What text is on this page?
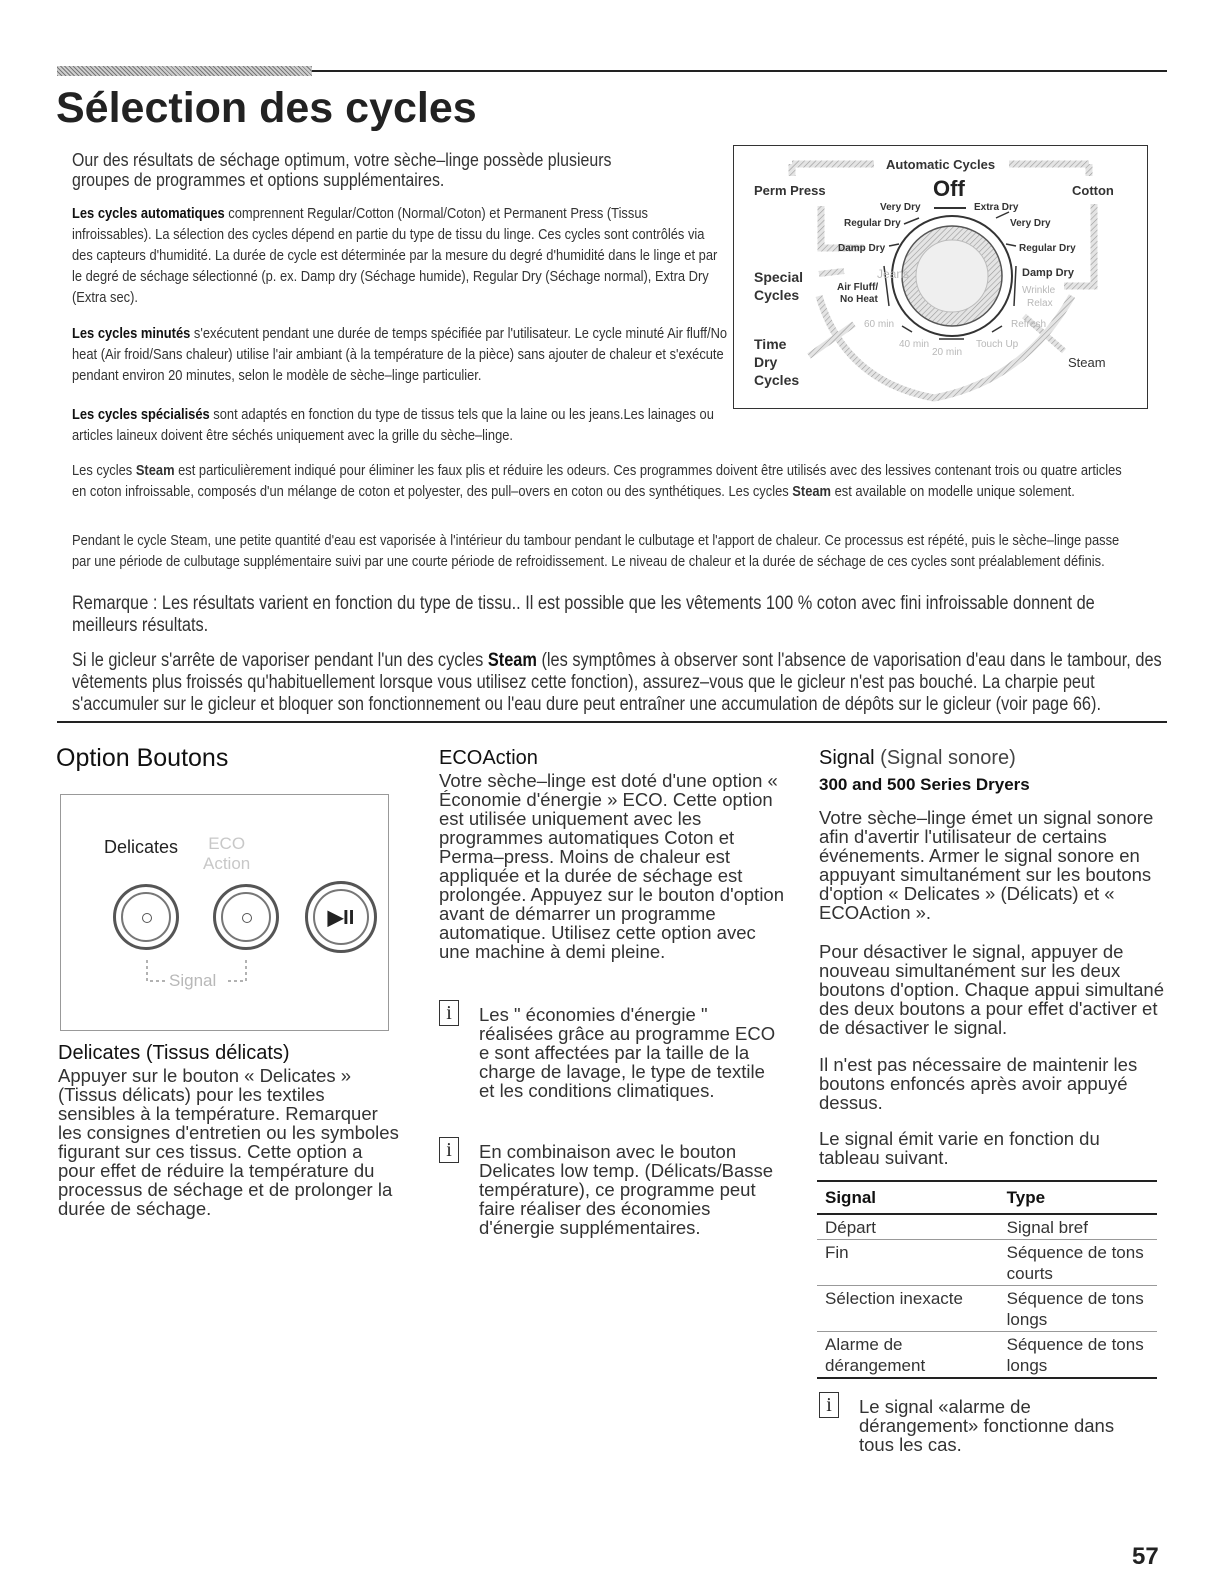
Sélection des cycles

Our des résultats de séchage optimum, votre sèche–linge possède plusieurs groupes de programmes et options supplémentaires.

Les cycles automatiques comprennent Regular/Cotton (Normal/Coton) et Permanent Press (Tissus infroissables). La sélection des cycles dépend en partie du type de tissu du linge. Ces cycles sont contrôlés via des capteurs d'humidité. La durée de cycle est déterminée par la mesure du degré d'humidité dans le linge et par le degré de séchage sélectionné (p. ex. Damp dry (Séchage humide), Regular Dry (Séchage normal), Extra Dry (Extra sec).

Les cycles minutés s'exécutent pendant une durée de temps spécifiée par l'utilisateur. Le cycle minuté Air fluff/No heat (Air froid/Sans chaleur) utilise l'air ambiant (à la température de la pièce) sans ajouter de chaleur et s'exécute pendant environ 20 minutes, selon le modèle de sèche–linge particulier.

Les cycles spécialisés sont adaptés en fonction du type de tissus tels que la laine ou les jeans.Les lainages ou articles laineux doivent être séchés uniquement avec la grille du sèche–linge.

Les cycles Steam est particulièrement indiqué pour éliminer les faux plis et réduire les odeurs. Ces programmes doivent être utilisés avec des lessives contenant trois ou quatre articles en coton infroissable, composés d'un mélange de coton et polyester, des pull–overs en coton ou des synthétiques. Les cycles Steam est available on modelle unique solement.

Pendant le cycle Steam, une petite quantité d'eau est vaporisée à l'intérieur du tambour pendant le culbutage et l'apport de chaleur. Ce processus est répété, puis le sèche–linge passe par une période de culbutage supplémentaire suivi par une courte période de refroidissement. Le niveau de chaleur et la durée de séchage de ces cycles sont préalablement définis.

Remarque : Les résultats varient en fonction du type de tissu.. Il est possible que les vêtements 100 % coton avec fini infroissable donnent de meilleurs résultats.

Si le gicleur s'arrête de vaporiser pendant l'un des cycles Steam (les symptômes à observer sont l'absence de vaporisation d'eau dans le tambour, des vêtements plus froissés qu'habituellement lorsque vous utilisez cette fonction), assurez–vous que le gicleur n'est pas bouché. La charpie peut s'accumuler sur le gicleur et bloquer son fonctionnement ou l'eau dure peut entraîner une accumulation de dépôts sur le gicleur (voir page 66).

Automatic Cycles
Perm Press	Off	Cotton
Very Dry	Extra Dry
Regular Dry	Very Dry
Damp Dry	Regular Dry
Special
Cycles
Jeans	Damp Dry
Air Fluff/
No Heat
Wrinkle
Relax
60 min	Refresh
Time
Dry
Cycles
40 min
20 min
Touch Up
Steam
Option Boutons
Delicates	ECO
Action
▶II
Signal
Delicates (Tissus délicats)

Appuyer sur le bouton « Delicates » (Tissus délicats) pour les textiles sensibles à la température. Remarquer les consignes d'entretien ou les symboles figurant sur ces tissus. Cette option a pour effet de réduire la température du processus de séchage et de prolonger la durée de séchage.

ECOAction

Votre sèche–linge est doté d'une option « Économie d'énergie » ECO. Cette option est utilisée uniquement avec les programmes automatiques Coton et Perma–press. Moins de chaleur est appliquée et la durée de séchage est prolongée. Appuyez sur le bouton d'option avant de démarrer un programme automatique. Utilisez cette option avec une machine à demi pleine.

i	Les " économies d'énergie " réalisées grâce au programme ECO e sont affectées par la taille de la charge de lavage, le type de textile et les conditions climatiques.

i	En combinaison avec le bouton Delicates low temp. (Délicats/Basse température), ce programme peut faire réaliser des économies d'énergie supplémentaires.

Signal (Signal sonore)
300 and 500 Series Dryers

Votre sèche–linge émet un signal sonore afin d'avertir l'utilisateur de certains événements. Armer le signal sonore en appuyant simultanément sur les boutons d'option « Delicates » (Délicats) et « ECOAction ».

Pour désactiver le signal, appuyer de nouveau simultanément sur les deux boutons d'option. Chaque appui simultané des deux boutons a pour effet d'activer et de désactiver le signal.

Il n'est pas nécessaire de maintenir les boutons enfoncés après avoir appuyé dessus.

Le signal émit varie en fonction du tableau suivant.

Signal	Type
Départ	Signal bref
Fin	Séquence de tons courts
Sélection inexacte	Séquence de tons longs
Alarme de dérangement	Séquence de tons longs
i	Le signal «alarme de dérangement» fonctionne dans tous les cas.

57
